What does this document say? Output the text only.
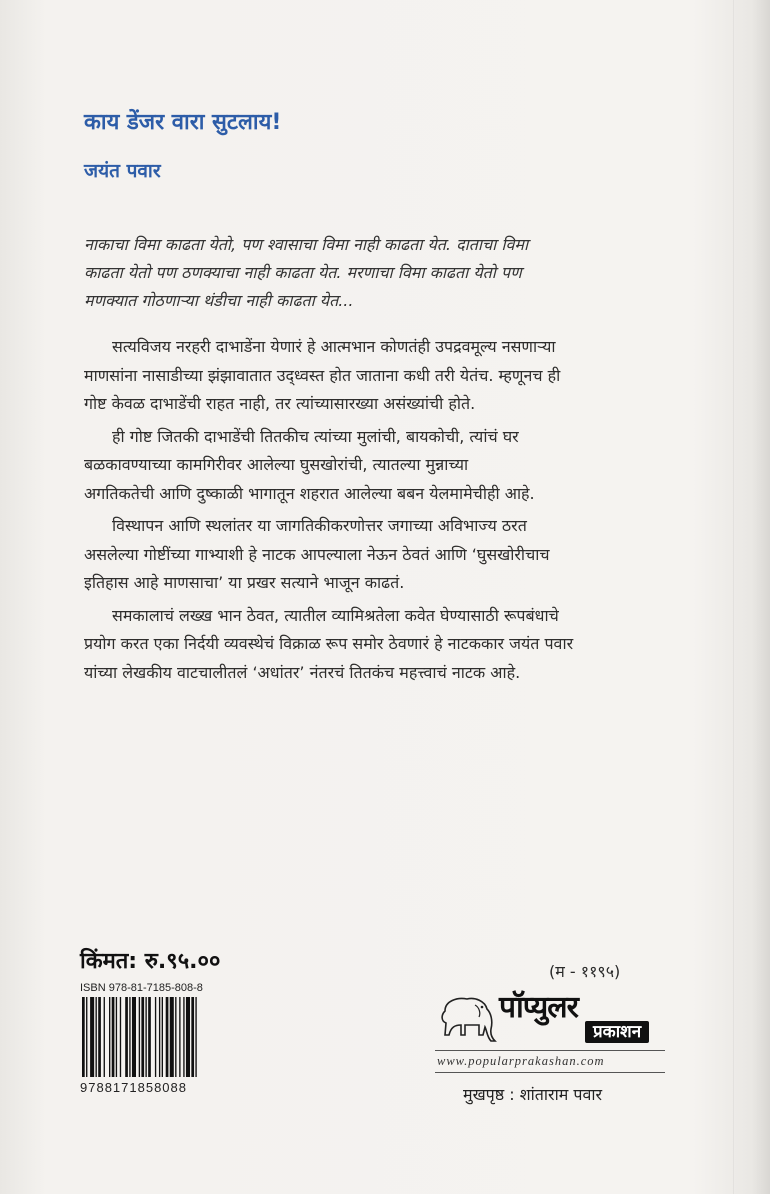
काय डेंजर वारा सुटलाय!
जयंत पवार
नाकाचा विमा काढता येतो, पण श्वासाचा विमा नाही काढता येत. दाताचा विमा
काढता येतो पण ठणक्याचा नाही काढता येत. मरणाचा विमा काढता येतो पण
मणक्यात गोठणाऱ्या थंडीचा नाही काढता येत...
सत्यविजय नरहरी दाभाडेंना येणारं हे आत्मभान कोणतंही उपद्रवमूल्य नसणाऱ्या
माणसांना नासाडीच्या झंझावातात उद्ध्वस्त होत जाताना कधी तरी येतंच. म्हणूनच ही
गोष्ट केवळ दाभाडेंची राहत नाही, तर त्यांच्यासारख्या असंख्यांची होते.
ही गोष्ट जितकी दाभाडेंची तितकीच त्यांच्या मुलांची, बायकोची, त्यांचं घर
बळकावण्याच्या कामगिरीवर आलेल्या घुसखोरांची, त्यातल्या मुन्नाच्या
अगतिकतेची आणि दुष्काळी भागातून शहरात आलेल्या बबन येलमामेचीही आहे.
विस्थापन आणि स्थलांतर या जागतिकीकरणोत्तर जगाच्या अविभाज्य ठरत
असलेल्या गोष्टींच्या गाभ्याशी हे नाटक आपल्याला नेऊन ठेवतं आणि ‘घुसखोरीचाच
इतिहास आहे माणसाचा’ या प्रखर सत्याने भाजून काढतं.
समकालाचं लख्ख भान ठेवत, त्यातील व्यामिश्रतेला कवेत घेण्यासाठी रूपबंधाचे
प्रयोग करत एका निर्दयी व्यवस्थेचं विक्राळ रूप समोर ठेवणारं हे नाटककार जयंत पवार
यांच्या लेखकीय वाटचालीतलं ‘अधांतर’ नंतरचं तितकंच महत्त्वाचं नाटक आहे.
किंमत: रु.९५.००
ISBN 978-81-7185-808-8
9788171858088
(म - ११९५)
पॉप्युलर
प्रकाशन
www.popularprakashan.com
मुखपृष्ठ : शांताराम पवार
